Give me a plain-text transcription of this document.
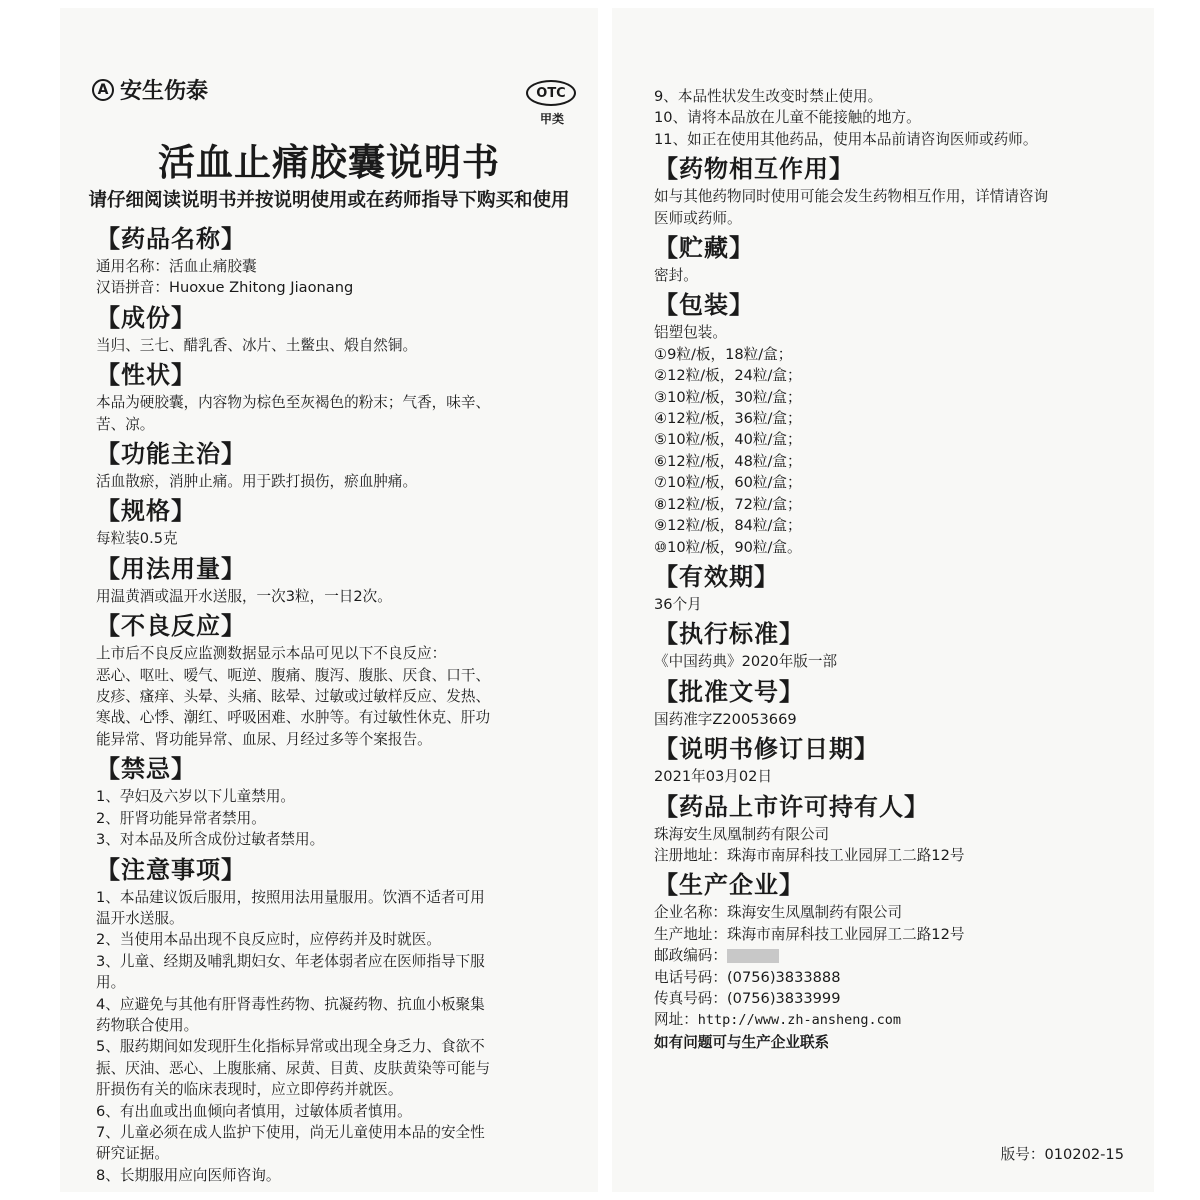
A 安生伤泰	OTC
甲类
活血止痛胶囊说明书
请仔细阅读说明书并按说明使用或在药师指导下购买和使用
【药品名称】

通用名称：活血止痛胶囊

汉语拼音：Huoxue Zhitong Jiaonang

【成份】

当归、三七、醋乳香、冰片、土鳖虫、煅自然铜。

【性状】

本品为硬胶囊，内容物为棕色至灰褐色的粉末；气香，味辛、

苦、凉。

【功能主治】

活血散瘀，消肿止痛。用于跌打损伤，瘀血肿痛。

【规格】

每粒装0.5克

【用法用量】

用温黄酒或温开水送服，一次3粒，一日2次。

【不良反应】

上市后不良反应监测数据显示本品可见以下不良反应：

恶心、呕吐、嗳气、呃逆、腹痛、腹泻、腹胀、厌食、口干、

皮疹、瘙痒、头晕、头痛、眩晕、过敏或过敏样反应、发热、

寒战、心悸、潮红、呼吸困难、水肿等。有过敏性休克、肝功

能异常、肾功能异常、血尿、月经过多等个案报告。

【禁忌】

1、孕妇及六岁以下儿童禁用。

2、肝肾功能异常者禁用。

3、对本品及所含成份过敏者禁用。

【注意事项】

1、本品建议饭后服用，按照用法用量服用。饮酒不适者可用

温开水送服。

2、当使用本品出现不良反应时，应停药并及时就医。

3、儿童、经期及哺乳期妇女、年老体弱者应在医师指导下服

用。

4、应避免与其他有肝肾毒性药物、抗凝药物、抗血小板聚集

药物联合使用。

5、服药期间如发现肝生化指标异常或出现全身乏力、食欲不

振、厌油、恶心、上腹胀痛、尿黄、目黄、皮肤黄染等可能与

肝损伤有关的临床表现时，应立即停药并就医。

6、有出血或出血倾向者慎用，过敏体质者慎用。

7、儿童必须在成人监护下使用，尚无儿童使用本品的安全性

研究证据。

8、长期服用应向医师咨询。

9、本品性状发生改变时禁止使用。

10、请将本品放在儿童不能接触的地方。

11、如正在使用其他药品，使用本品前请咨询医师或药师。

【药物相互作用】

如与其他药物同时使用可能会发生药物相互作用，详情请咨询

医师或药师。

【贮藏】

密封。

【包装】

铝塑包装。

①9粒/板，18粒/盒；

②12粒/板，24粒/盒；

③10粒/板，30粒/盒；

④12粒/板，36粒/盒；

⑤10粒/板，40粒/盒；

⑥12粒/板，48粒/盒；

⑦10粒/板，60粒/盒；

⑧12粒/板，72粒/盒；

⑨12粒/板，84粒/盒；

⑩10粒/板，90粒/盒。

【有效期】

36个月

【执行标准】

《中国药典》2020年版一部

【批准文号】

国药准字Z20053669

【说明书修订日期】

2021年03月02日

【药品上市许可持有人】

珠海安生凤凰制药有限公司

注册地址：珠海市南屏科技工业园屏工二路12号

【生产企业】

企业名称：珠海安生凤凰制药有限公司

生产地址：珠海市南屏科技工业园屏工二路12号

邮政编码：

电话号码：(0756)3833888

传真号码：(0756)3833999

网址：http://www.zh-ansheng.com

如有问题可与生产企业联系

版号：010202-15
